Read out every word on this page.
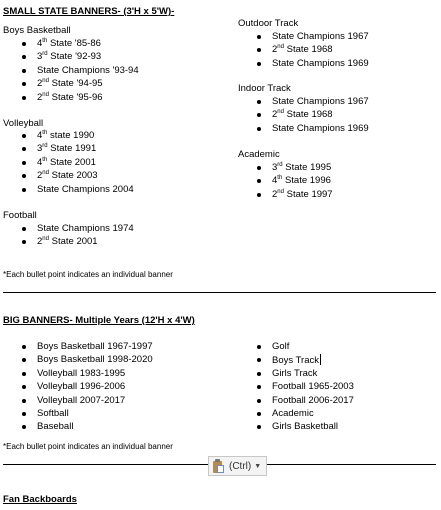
SMALL STATE BANNERS- (3'H x 5'W)-
Boys Basketball
4th State '85-86
3rd State '92-93
State Champions '93-94
2nd State '94-95
2nd State '95-96
Volleyball
4th state 1990
3rd State 1991
4th State 2001
2nd State 2003
State Champions 2004
Football
State Champions 1974
2nd State 2001
Outdoor Track
State Champions 1967
2nd State 1968
State Champions 1969
Indoor Track
State Champions 1967
2nd State 1968
State Champions 1969
Academic
3rd State 1995
4th State 1996
2nd State 1997
*Each bullet point indicates an individual banner
BIG BANNERS- Multiple Years (12'H x 4'W)
Boys Basketball 1967-1997
Boys Basketball 1998-2020
Volleyball 1983-1995
Volleyball 1996-2006
Volleyball 2007-2017
Softball
Baseball
Golf
Boys Track
Girls Track
Football 1965-2003
Football 2006-2017
Academic
Girls Basketball
*Each bullet point indicates an individual banner
(Ctrl) ▼
Fan Backboards
